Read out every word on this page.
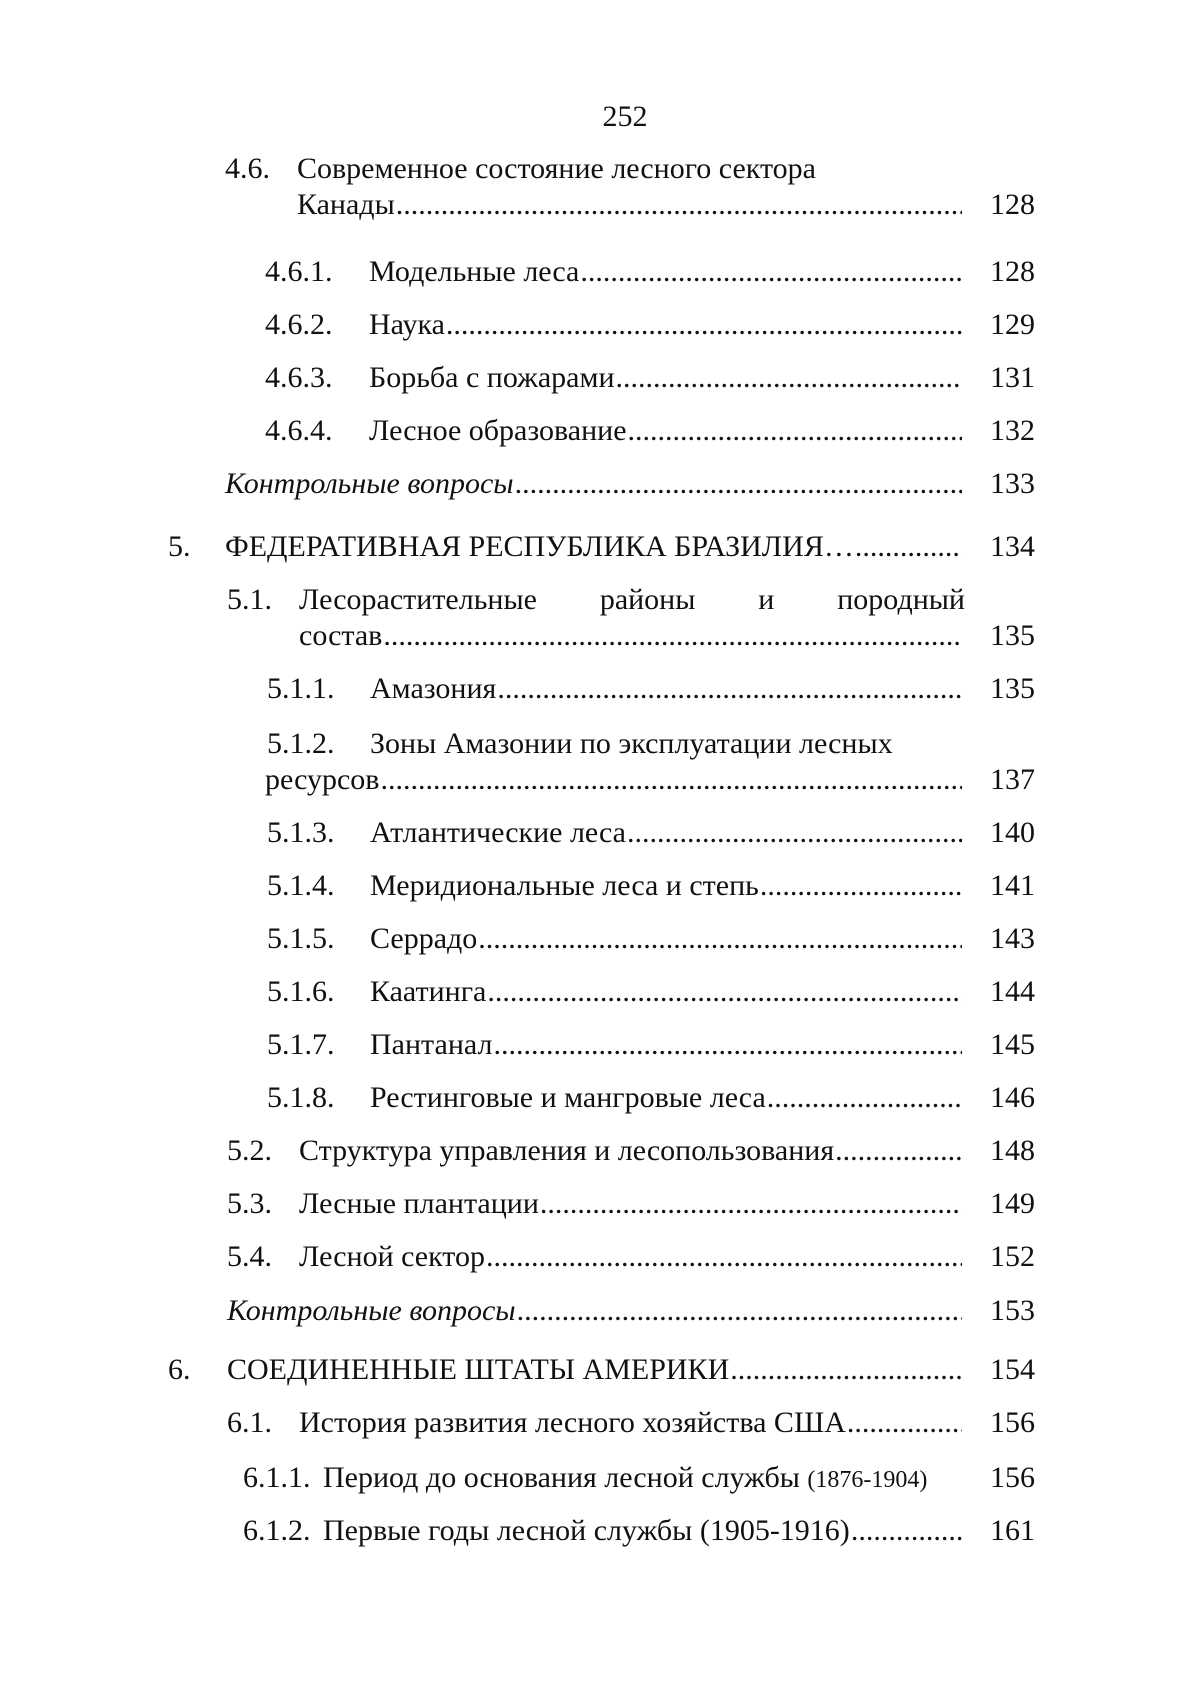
252
4.6. Современное состояние лесного сектора
Канады .....	128
4.6.1. Модельные леса .....	128
4.6.2. Наука .....	129
4.6.3. Борьба с пожарами .....	131
4.6.4. Лесное образование .....	132
Контрольные вопросы .....	133
5. ФЕДЕРАТИВНАЯ РЕСПУБЛИКА БРАЗИЛИЯ… .....	134
5.1. Лесорастительные районы и породный
состав .....	135
5.1.1. Амазония .....	135
5.1.2. Зоны Амазонии по эксплуатации лесных
ресурсов .....	137
5.1.3. Атлантические леса .....	140
5.1.4. Меридиональные леса и степь .....	141
5.1.5. Серрадо .....	143
5.1.6. Каатинга .....	144
5.1.7. Пантанал .....	145
5.1.8. Рестинговые и мангровые леса .....	146
5.2. Структура управления и лесопользования .....	148
5.3. Лесные плантации .....	149
5.4. Лесной сектор .....	152
Контрольные вопросы .....	153
6. СОЕДИНЕННЫЕ ШТАТЫ АМЕРИКИ .....	154
6.1. История развития лесного хозяйства США .....	156
6.1.1. Период до основания лесной службы (1876-1904) 156
6.1.2. Первые годы лесной службы (1905-1916) .....	161
